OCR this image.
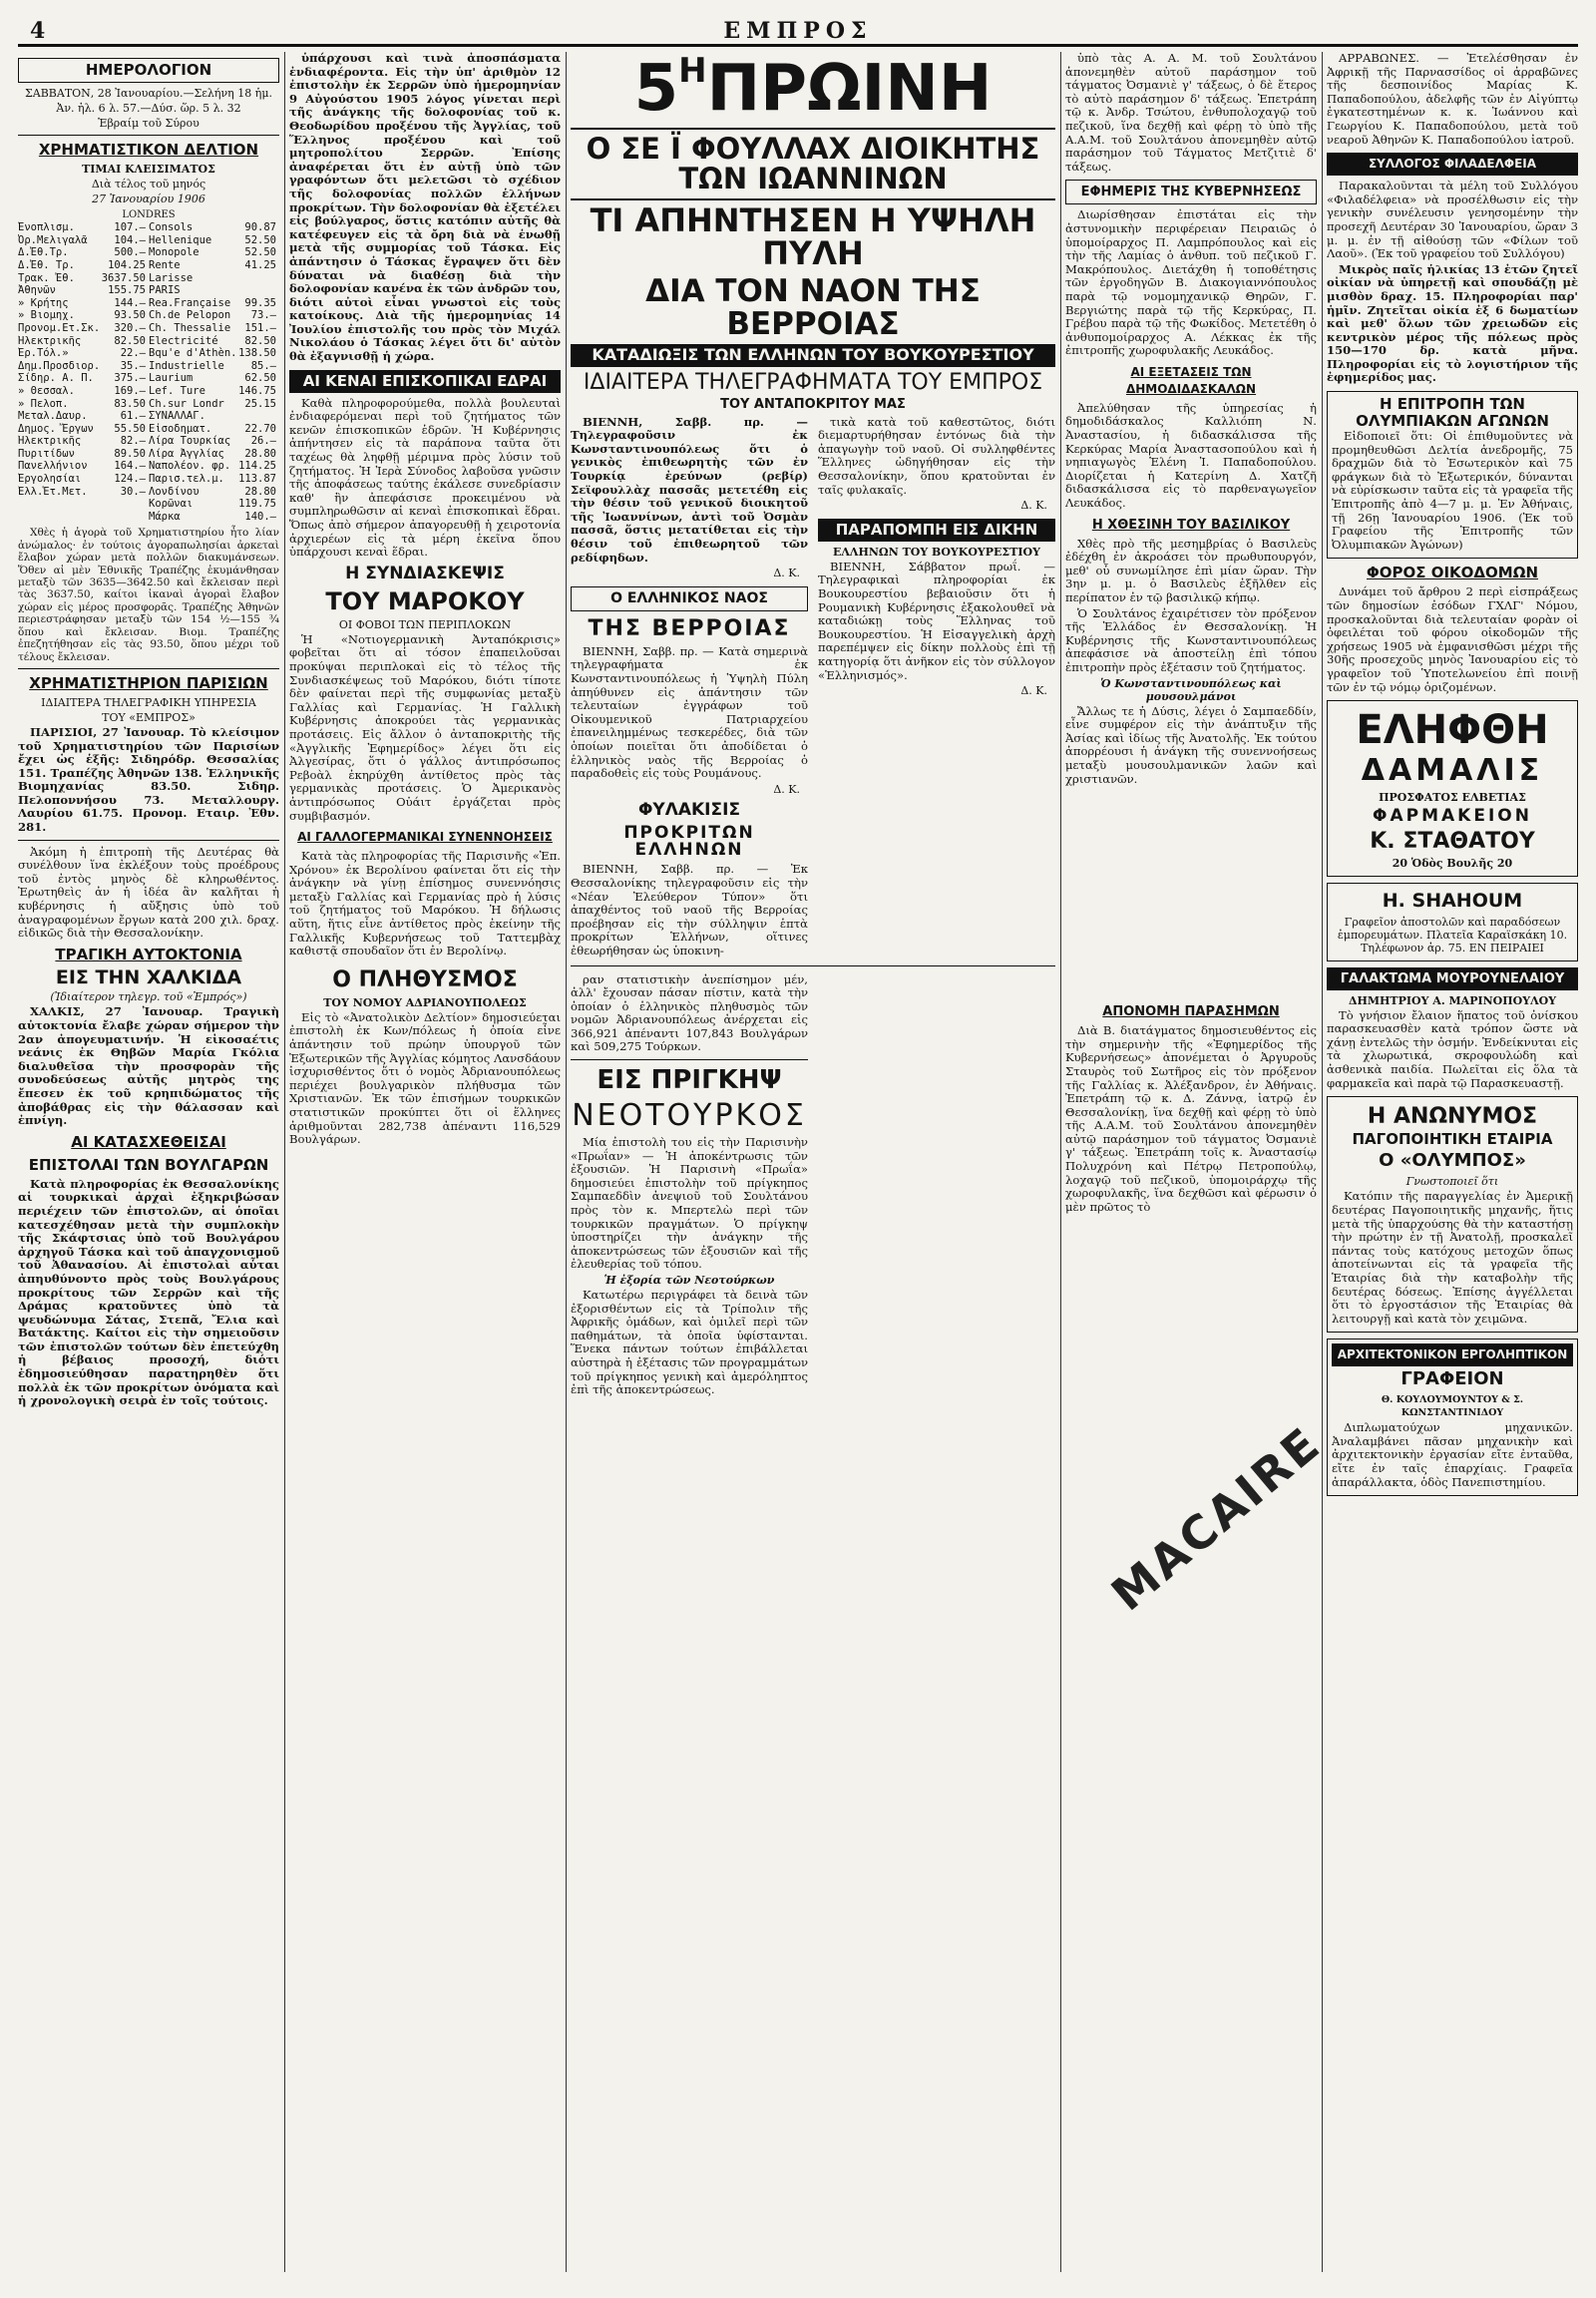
4	ΕΜΠΡΟΣ
ΗΜΕΡΟΛΟΓΙΟΝ
ΣΑΒΒΑΤΟΝ, 28 Ἰανουαρίου.—Σελήνη 18 ἡμ.
Ἀν. ἡλ. 6 λ. 57.—Δύσ. ὥρ. 5 λ. 32
Ἑβραίμ τοῦ Σύρου
ΧΡΗΜΑΤΙΣΤΙΚΟΝ ΔΕΛΤΙΟΝ
ΤΙΜΑΙ ΚΛΕΙΣΙΜΑΤΟΣ
Διὰ τέλος τοῦ μηνός
27 Ἰανουαρίου 1906
LONDRES
Ἐνοπλισμ.	107.—
Ὀρ.Μελιγαλᾶ	104.—
Δ.Ἐθ.Τρ.	500.—
Δ.Ἐθ. Τρ.	104.25
Τρακ. Ἐθ.	3637.50
Ἀθηνῶν	155.75
» Κρήτης	144.—
» Βιομηχ.	93.50
Προνομ.Ετ.Σκ. 320.—
Ἠλεκτρικῆς	82.50
Ἐρ.Τόλ.»	22.—
Δημ.Προσδιορ. 35.—
Σίδηρ. Α. Π. 375.—
» Θεσσαλ.	169.—
» Πελοπ.	83.50
Μεταλ.Δαυρ.	61.—
Δημος. Ἔργων 55.50
Ἠλεκτρικῆς	82.—
Πυριτίδων	89.50
Πανελλήνιον	164.—
Ἐργολησίαι	124.—
Ἑλλ.Ἑτ.Μετ.	30.—
Consols	90.87
Hellenique	52.50
Monopole	52.50
Rente	41.25
Larisse
PARIS
Rea.Française 99.35
Ch.de Pelopon 73.—
Ch. Thessalie 151.—
Electricité	82.50
Bqu'e d'Athèn. 138.50
Industrielle	85.—
Laurium	62.50
Lef. Ture	146.75
Ch.sur Londr 25.15
ΣΥΝΑΛΛΑΓ.
Εἰσοδηματ.	22.70
Λίρα Τουρκίας 26.—
Λίρα Ἀγγλίας 28.80
Ναπολέον. φρ. 114.25
Παρισ.τελ.μ. 113.87
Λονδίνου	28.80
Κορῶναι	119.75
Μάρκα	140.—

Χθὲς ἡ ἀγορὰ τοῦ Χρηματιστηρίου ἦτο λίαν ἀνώμαλος· ἐν τούτοις ἀγοραπωλησίαι ἀρκεταὶ ἔλαβον χώραν μετὰ πολλῶν διακυμάνσεων. Ὅθεν αἱ μὲν Ἐθνικῆς Τραπέζης ἐκυμάνθησαν μεταξὺ τῶν 3635—3642.50 καὶ ἔκλεισαν περὶ τὰς 3637.50, καίτοι ἱκαναὶ ἀγοραὶ ἔλαβον χώραν εἰς μέρος προσφορᾶς. Τραπέζης Ἀθηνῶν περιεστράφησαν μεταξὺ τῶν 154 ½—155 ¾ ὅπου καὶ ἔκλεισαν. Βιομ. Τραπέζης ἐπεζητήθησαν εἰς τὰς 93.50, ὅπου μέχρι τοῦ τέλους ἔκλεισαν.

ΧΡΗΜΑΤΙΣΤΗΡΙΟΝ ΠΑΡΙΣΙΩΝ
ΙΔΙΑΙΤΕΡΑ ΤΗΛΕΓΡΑΦΙΚΗ ΥΠΗΡΕΣΙΑ
ΤΟΥ «ΕΜΠΡΟΣ»

ΠΑΡΙΣΙΟΙ, 27 Ἰανουαρ. Τὸ κλείσιμον τοῦ Χρηματιστηρίου τῶν Παρισίων ἔχει ὡς ἑξῆς: Σιδηρόδρ. Θεσσαλίας 151. Τραπέζης Ἀθηνῶν 138. Ἑλληνικῆς Βιομηχανίας 83.50. Σιδηρ. Πελοποννήσου 73. Μεταλλουργ. Λαυρίου 61.75. Προνομ. Εταιρ. Ἐθν. 281.

Ἀκόμη ἡ ἐπιτροπὴ τῆς Δευτέρας θὰ συνέλθουν ἵνα ἐκλέξουν τοὺς προέδρους τοῦ ἐντὸς μηνὸς δὲ κληρωθέντος. Ἐρωτηθεὶς ἀν ἡ ἰδέα ἂν καλῆται ἡ κυβέρνησις ἡ αὔξησις ὑπὸ τοῦ ἀναγραφομένων ἔργων κατὰ 200 χιλ. δραχ. εἰδικῶς διὰ τὴν Θεσσαλονίκην.

ΤΡΑΓΙΚΗ ΑΥΤΟΚΤΟΝΙΑ
ΕΙΣ ΤΗΝ ΧΑΛΚΙΔΑ
(Ἰδιαίτερον τηλεγρ. τοῦ «Ἐμπρός»)

ΧΑΛΚΙΣ, 27 Ἰανουαρ. Τραγικὴ αὐτοκτονία ἔλαβε χώραν σήμερον τὴν 2αν ἀπογευματινήν. Ἡ εἰκοσαέτις νεάνις ἐκ Θηβῶν Μαρία Γκόλια διαλυθεῖσα τὴν προσφορὰν τῆς συνοδεύσεως αὐτῆς μητρὸς της ἔπεσεν ἐκ τοῦ κρηπιδώματος τῆς ἀποβάθρας εἰς τὴν θάλασσαν καὶ ἐπνίγη.

ΑΙ ΚΑΤΑΣΧΕΘΕΙΣΑΙ
ΕΠΙΣΤΟΛΑΙ ΤΩΝ ΒΟΥΛΓΑΡΩΝ

Κατὰ πληροφορίας ἐκ Θεσσαλονίκης αἱ τουρκικαὶ ἀρχαὶ ἐξηκριβώσαν περιέχειν τῶν ἐπιστολῶν, αἱ ὁποῖαι κατεσχέθησαν μετὰ τὴν συμπλοκὴν τῆς Σκάφτσιας ὑπὸ τοῦ Βουλγάρου ἀρχηγοῦ Τάσκα καὶ τοῦ ἀπαγχονισμοῦ τοῦ Ἀθανασίου. Αἱ ἐπιστολαὶ αὗται ἀπηυθύνοντο πρὸς τοὺς Βουλγάρους προκρίτους τῶν Σερρῶν καὶ τῆς Δράμας κρατοῦντες ὑπὸ τὰ ψευδώνυμα Σάτας, Στεπᾶ, Ἔλια καὶ Βατάκτης. Καίτοι εἰς τὴν σημειοῦσιν τῶν ἐπιστολῶν τούτων δὲν ἐπετεύχθη ἡ βέβαιος προσοχή, διότι ἐδημοσιεύθησαν παρατηρηθὲν ὅτι πολλὰ ἐκ τῶν προκρίτων ὀνόματα καὶ ἡ χρονολογικὴ σειρὰ ἐν τοῖς τούτοις.

ὑπάρχουσι καὶ τινὰ ἀποσπάσματα ἐνδιαφέροντα. Εἰς τὴν ὑπ' ἀριθμὸν 12 ἐπιστολὴν ἐκ Σερρῶν ὑπὸ ἡμερομηνίαν 9 Αὐγούστου 1905 λόγος γίνεται περὶ τῆς ἀνάγκης τῆς δολοφονίας τοῦ κ. Θεοδωρίδου προξένου τῆς Ἀγγλίας, τοῦ Ἕλληνος προξένου καὶ τοῦ μητροπολίτου Σερρῶν. Ἐπίσης ἀναφέρεται ὅτι ἐν αὐτῇ ὑπὸ τῶν γραφόντων ὅτι μελετῶσι τὸ σχέδιον τῆς δολοφονίας πολλῶν ἑλλήνων προκρίτων. Τὴν δολοφονίαν θὰ ἐξετέλει εἰς βούλγαρος, ὅστις κατόπιν αὐτῆς θὰ κατέφευγεν εἰς τὰ ὄρη διὰ νὰ ἑνωθῇ μετὰ τῆς συμμορίας τοῦ Τάσκα. Εἰς ἀπάντησιν ὁ Τάσκας ἔγραψεν ὅτι δὲν δύναται νὰ διαθέσῃ διὰ τὴν δολοφονίαν κανένα ἐκ τῶν ἀνδρῶν του, διότι αὐτοὶ εἶναι γνωστοὶ εἰς τοὺς κατοίκους. Διὰ τῆς ἡμερομηνίας 14 Ἰουλίου ἐπιστολῆς του πρὸς τὸν Μιχάλ Νικολάου ὁ Τάσκας λέγει ὅτι δι' αὐτὸν θὰ ἐξαγνισθῇ ἡ χώρα.

ΑΙ ΚΕΝΑΙ ΕΠΙΣΚΟΠΙΚΑΙ ΕΔΡΑΙ

Καθὰ πληροφορούμεθα, πολλὰ βουλευταὶ ἐνδιαφερόμεναι περὶ τοῦ ζητήματος τῶν κενῶν ἐπισκοπικῶν ἑδρῶν. Ἡ Κυβέρνησις ἀπήντησεν εἰς τὰ παράπονα ταῦτα ὅτι ταχέως θὰ ληφθῇ μέριμνα πρὸς λύσιν τοῦ ζητήματος. Ἡ Ἱερὰ Σύνοδος λαβοῦσα γνῶσιν τῆς ἀποφάσεως ταύτης ἐκάλεσε συνεδρίασιν καθ' ἣν ἀπεφάσισε προκειμένου νὰ συμπληρωθῶσιν αἱ κεναὶ ἐπισκοπικαὶ ἕδραι. Ὅπως ἀπὸ σήμερον ἀπαγορευθῇ ἡ χειροτονία ἀρχιερέων εἰς τὰ μέρη ἐκεῖνα ὅπου ὑπάρχουσι κεναὶ ἕδραι.

Η ΣΥΝΔΙΑΣΚΕΨΙΣ
ΤΟΥ ΜΑΡΟΚΟΥ
ΟΙ ΦΟΒΟΙ ΤΩΝ ΠΕΡΙΠΛΟΚΩΝ

Ἡ «Νοτιογερμανικὴ Ἀνταπόκρισις» φοβεῖται ὅτι αἱ τόσον ἐπαπειλοῦσαι προκύψαι περιπλοκαὶ εἰς τὸ τέλος τῆς Συνδιασκέψεως τοῦ Μαρόκου, διότι τίποτε δὲν φαίνεται περὶ τῆς συμφωνίας μεταξὺ Γαλλίας καὶ Γερμανίας. Ἡ Γαλλικὴ Κυβέρνησις ἀποκρούει τὰς γερμανικὰς προτάσεις. Εἰς ἄλλον ὁ ἀνταποκριτὴς τῆς «Ἀγγλικῆς Ἐφημερίδος» λέγει ὅτι εἰς Ἀλγεσίρας, ὅτι ὁ γάλλος ἀντιπρόσωπος Ρεβοὰλ ἐκηρύχθη ἀντίθετος πρὸς τὰς γερμανικὰς προτάσεις. Ὁ Ἀμερικανὸς ἀντιπρόσωπος Οὐάιτ ἐργάζεται πρὸς συμβιβασμόν.

ΑΙ ΓΑΛΛΟΓΕΡΜΑΝΙΚΑΙ ΣΥΝΕΝΝΟΗΣΕΙΣ

Κατὰ τὰς πληροφορίας τῆς Παρισινῆς «Ἐπ. Χρόνου» ἐκ Βερολίνου φαίνεται ὅτι εἰς τὴν ἀνάγκην νὰ γίνῃ ἐπίσημος συνεννόησις μεταξὺ Γαλλίας καὶ Γερμανίας πρὸ ἡ λύσις τοῦ ζητήματος τοῦ Μαρόκου. Ἡ δήλωσις αὕτη, ἥτις εἶνε ἀντίθετος πρὸς ἐκείνην τῆς Γαλλικῆς Κυβερνήσεως τοῦ Ταττεμβὰχ καθιστᾷ σπουδαῖον ὅτι ἐν Βερολίνῳ.

Ο ΠΛΗΘΥΣΜΟΣ
ΤΟΥ ΝΟΜΟΥ ΑΔΡΙΑΝΟΥΠΟΛΕΩΣ

Εἰς τὸ «Ἀνατολικὸν Δελτίον» δημοσιεύεται ἐπιστολὴ ἐκ Κων/πόλεως ἡ ὁποία εἶνε ἀπάντησιν τοῦ πρώην ὑπουργοῦ τῶν Ἐξωτερικῶν τῆς Ἀγγλίας κόμητος Λανσδάουν ἰσχυρισθέντος ὅτι ὁ νομὸς Ἀδριανουπόλεως περιέχει βουλγαρικὸν πλήθυσμα τῶν Χριστιανῶν. Ἐκ τῶν ἐπισήμων τουρκικῶν στατιστικῶν προκύπτει ὅτι οἱ ἕλληνες ἀριθμοῦνται 282,738 ἀπέναντι 116,529 Βουλγάρων.

$5^H\Pi P\Omega INH$
Ο ΣΕ Ϊ ΦΟΥΛΛΑΧ ΔΙΟΙΚΗΤΗΣ ΤΩΝ ΙΩΑΝΝΙΝΩΝ
ΤΙ ΑΠΗΝΤΗΣΕΝ Η ΥΨΗΛΗ ΠΥΛΗ
ΔΙΑ ΤΟΝ ΝΑΟΝ ΤΗΣ ΒΕΡΡΟΙΑΣ
ΚΑΤΑΔΙΩΞΙΣ ΤΩΝ ΕΛΛΗΝΩΝ ΤΟΥ ΒΟΥΚΟΥΡΕΣΤΙΟΥ
ΙΔΙΑΙΤΕΡΑ ΤΗΛΕΓΡΑΦΗΜΑΤΑ ΤΟΥ ΕΜΠΡΟΣ
ΤΟΥ ΑΝΤΑΠΟΚΡΙΤΟΥ ΜΑΣ

ΒΙΕΝΝΗ, Σαββ. πρ. — Τηλεγραφοῦσιν ἐκ Κωνσταντινουπόλεως ὅτι ὁ γενικὸς ἐπιθεωρητὴς τῶν ἐν Τουρκίᾳ ἐρεύνων (ρεβίρ) Σεϊφουλλὰχ πασσᾶς μετετέθη εἰς τὴν θέσιν τοῦ γενικοῦ διοικητοῦ τῆς Ἰωαννίνων, ἀντὶ τοῦ Ὀσμὰν πασσᾶ, ὅστις μετατίθεται εἰς τὴν θέσιν τοῦ ἐπιθεωρητοῦ τῶν ρεδίφηδων.

Δ. Κ.
Ο ΕΛΛΗΝΙΚΟΣ ΝΑΟΣ
ΤΗΣ ΒΕΡΡΟΙΑΣ

ΒΙΕΝΝΗ, Σαββ. πρ. — Κατὰ σημερινὰ τηλεγραφήματα ἐκ Κωνσταντινουπόλεως ἡ Ὑψηλὴ Πύλη ἀπηύθυνεν εἰς ἀπάντησιν τῶν τελευταίων ἐγγράφων τοῦ Οἰκουμενικοῦ Πατριαρχείου ἐπανειλημμένως τεσκερέδες, διὰ τῶν ὁποίων ποιεῖται ὅτι ἀποδίδεται ὁ ἑλληνικὸς ναὸς τῆς Βερροίας ὁ παραδοθεὶς εἰς τοὺς Ρουμάνους.

Δ. Κ.
ΦΥΛΑΚΙΣΙΣ
ΠΡΟΚΡΙΤΩΝ ΕΛΛΗΝΩΝ

ΒΙΕΝΝΗ, Σαββ. πρ. — Ἐκ Θεσσαλονίκης τηλεγραφοῦσιν εἰς τὴν «Νέαν Ἐλεύθερον Τύπον» ὅτι ἀπαχθέντος τοῦ ναοῦ τῆς Βερροίας προέβησαν εἰς τὴν σύλληψιν ἑπτὰ προκρίτων Ἑλλήνων, οἵτινες ἐθεωρήθησαν ὡς ὑποκινη-

τικὰ κατὰ τοῦ καθεστῶτος, διότι διεμαρτυρήθησαν ἐντόνως διὰ τὴν ἀπαγωγὴν τοῦ ναοῦ. Οἱ συλληφθέντες Ἕλληνες ὡδηγήθησαν εἰς τὴν Θεσσαλονίκην, ὅπου κρατοῦνται ἐν ταῖς φυλακαῖς.

Δ. Κ.
ΠΑΡΑΠΟΜΠΗ ΕΙΣ ΔΙΚΗΝ
ΕΛΛΗΝΩΝ ΤΟΥ ΒΟΥΚΟΥΡΕΣΤΙΟΥ

ΒΙΕΝΝΗ, Σάββατον πρωΐ. — Τηλεγραφικαὶ πληροφορίαι ἐκ Βουκουρεστίου βεβαιοῦσιν ὅτι ἡ Ρουμανικὴ Κυβέρνησις ἐξακολουθεῖ νὰ καταδιώκῃ τοὺς Ἕλληνας τοῦ Βουκουρεστίου. Ἡ Εἰσαγγελικὴ ἀρχὴ παρεπέμψεν εἰς δίκην πολλοὺς ἐπὶ τῇ κατηγορίᾳ ὅτι ἀνῆκον εἰς τὸν σύλλογον «Ἑλληνισμός».

Δ. Κ.

ραν στατιστικὴν ἀνεπίσημον μέν, ἀλλ' ἔχουσαν πάσαν πίστιν, κατὰ τὴν ὁποίαν ὁ ἑλληνικὸς πληθυσμὸς τῶν νομῶν Ἀδριανουπόλεως ἀνέρχεται εἰς 366,921 ἀπέναντι 107,843 Βουλγάρων καὶ 509,275 Τούρκων.

ΕΙΣ ΠΡΙΓΚΗΨ
ΝΕΟΤΟΥΡΚΟΣ

Μία ἐπιστολὴ του εἰς τὴν Παρισινὴν «Πρωΐαν» — Ἡ ἀποκέντρωσις τῶν ἐξουσιῶν. Ἡ Παρισινὴ «Πρωΐα» δημοσιεύει ἐπιστολὴν τοῦ πρίγκηπος Σαμπαεδδὶν ἀνεψιοῦ τοῦ Σουλτάνου πρὸς τὸν κ. Μπερτελὼ περὶ τῶν τουρκικῶν πραγμάτων. Ὁ πρίγκηψ ὑποστηρίζει τὴν ἀνάγκην τῆς ἀποκεντρώσεως τῶν ἐξουσιῶν καὶ τῆς ἐλευθερίας τοῦ τόπου.

Ἡ ἐξορία τῶν Νεοτούρκων

Κατωτέρω περιγράφει τὰ δεινὰ τῶν ἐξορισθέντων εἰς τὰ Τρίπολιν τῆς Ἀφρικῆς ὁμάδων, καὶ ὁμιλεῖ περὶ τῶν παθημάτων, τὰ ὁποῖα ὑφίστανται. Ἕνεκα πάντων τούτων ἐπιβάλλεται αὐστηρὰ ἡ ἐξέτασις τῶν προγραμμάτων τοῦ πρίγκηπος γενικὴ καὶ ἀμερόληπτος ἐπὶ τῆς ἀποκεντρώσεως.

ὑπὸ τὰς Α. Α. Μ. τοῦ Σουλτάνου ἀπονεμηθὲν αὐτοῦ παράσημον τοῦ τάγματος Ὀσμανιὲ γ' τάξεως, ὁ δὲ ἕτερος τὸ αὐτὸ παράσημον δ' τάξεως. Ἐπετράπη τῷ κ. Ἀνδρ. Τσώτου, ἐνθυπολοχαγῷ τοῦ πεζικοῦ, ἵνα δεχθῇ καὶ φέρῃ τὸ ὑπὸ τῆς Α.Α.Μ. τοῦ Σουλτάνου ἀπονεμηθὲν αὐτῷ παράσημον τοῦ Τάγματος Μετζιτιὲ δ' τάξεως.

ΕΦΗΜΕΡΙΣ ΤΗΣ ΚΥΒΕΡΝΗΣΕΩΣ

Διωρίσθησαν ἐπιστάται εἰς τὴν ἀστυνομικὴν περιφέρειαν Πειραιῶς ὁ ὑπομοίραρχος Π. Λαμπρόπουλος καὶ εἰς τὴν τῆς Λαμίας ὁ ἀνθυπ. τοῦ πεζικοῦ Γ. Μακρόπουλος. Διετάχθη ἡ τοποθέτησις τῶν ἐργοδηγῶν Β. Διακογιαννόπουλος παρὰ τῷ νομομηχανικῷ Θηρῶν, Γ. Βεργιώτης παρὰ τῷ τῆς Κερκύρας, Π. Γρέβου παρὰ τῷ τῆς Φωκίδος. Μετετέθη ὁ ἀνθυπομοίραρχος Α. Λέκκας ἐκ τῆς ἐπιτροπῆς χωροφυλακῆς Λευκάδος.

ΑΙ ΕΞΕΤΑΣΕΙΣ ΤΩΝ ΔΗΜΟΔΙΔΑΣΚΑΛΩΝ

Ἀπελύθησαν τῆς ὑπηρεσίας ἡ δημοδιδάσκαλος Καλλιόπη Ν. Ἀναστασίου, ἡ διδασκάλισσα τῆς Κερκύρας Μαρία Ἀναστασοπούλου καὶ ἡ νηπιαγωγὸς Ἑλένη Ἰ. Παπαδοπούλου. Διορίζεται ἡ Κατερίνη Δ. Χατζῆ διδασκάλισσα εἰς τὸ παρθεναγωγεῖον Λευκάδος.

Η ΧΘΕΣΙΝΗ ΤΟΥ ΒΑΣΙΛΙΚΟΥ

Χθὲς πρὸ τῆς μεσημβρίας ὁ Βασιλεὺς ἐδέχθη ἐν ἀκροάσει τὸν πρωθυπουργόν, μεθ' οὗ συνωμίλησε ἐπὶ μίαν ὥραν. Τὴν 3ην μ. μ. ὁ Βασιλεὺς ἐξῆλθεν εἰς περίπατον ἐν τῷ βασιλικῷ κήπῳ.

Ὁ Σουλτάνος ἐχαιρέτισεν τὸν πρόξενον τῆς Ἑλλάδος ἐν Θεσσαλονίκῃ. Ἡ Κυβέρνησις τῆς Κωνσταντινουπόλεως ἀπεφάσισε νὰ ἀποστείλῃ ἐπὶ τόπου ἐπιτροπὴν πρὸς ἐξέτασιν τοῦ ζητήματος.

Ὁ Κωνσταντινουπόλεως καὶ μουσουλμάνοι

Ἄλλως τε ἡ Δύσις, λέγει ὁ Σαμπαεδδίν, εἶνε συμφέρον εἰς τὴν ἀνάπτυξιν τῆς Ἀσίας καὶ ἰδίως τῆς Ἀνατολῆς. Ἐκ τούτου ἀπορρέουσι ἡ ἀνάγκη τῆς συνεννοήσεως μεταξὺ μουσουλμανικῶν λαῶν καὶ χριστιανῶν.

ΑΠΟΝΟΜΗ ΠΑΡΑΣΗΜΩΝ

Διὰ Β. διατάγματος δημοσιευθέντος εἰς τὴν σημερινὴν τῆς «Ἐφημερίδος τῆς Κυβερνήσεως» ἀπονέμεται ὁ Ἀργυροῦς Σταυρὸς τοῦ Σωτῆρος εἰς τὸν πρόξενον τῆς Γαλλίας κ. Ἀλέξανδρον, ἐν Ἀθήναις. Ἐπετράπη τῷ κ. Δ. Ζάννᾳ, ἰατρῷ ἐν Θεσσαλονίκῃ, ἵνα δεχθῇ καὶ φέρῃ τὸ ὑπὸ τῆς Α.Α.Μ. τοῦ Σουλτάνου ἀπονεμηθὲν αὐτῷ παράσημον τοῦ τάγματος Ὀσμανιὲ γ' τάξεως. Ἐπετράπη τοῖς κ. Ἀναστασίῳ Πολυχρόνη καὶ Πέτρῳ Πετροπούλῳ, λοχαγῷ τοῦ πεζικοῦ, ὑπομοιράρχῳ τῆς χωροφυλακῆς, ἵνα δεχθῶσι καὶ φέρωσιν ὁ μὲν πρῶτος τὸ

ΑΡΡΑΒΩΝΕΣ. — Ἐτελέσθησαν ἐν Ἀφρικῇ τῆς Παρνασσίδος οἱ ἀρραβῶνες τῆς δεσποινίδος Μαρίας Κ. Παπαδοπούλου, ἀδελφῆς τῶν ἐν Αἰγύπτῳ ἐγκατεστημένων κ. κ. Ἰωάννου καὶ Γεωργίου Κ. Παπαδοπούλου, μετὰ τοῦ νεαροῦ Ἀθηνῶν Κ. Παπαδοπούλου ἰατροῦ.

ΣΥΛΛΟΓΟΣ ΦΙΛΑΔΕΛΦΕΙΑ

Παρακαλοῦνται τὰ μέλη τοῦ Συλλόγου «Φιλαδέλφεια» νὰ προσέλθωσιν εἰς τὴν γενικὴν συνέλευσιν γενησομένην τὴν προσεχῆ Δευτέραν 30 Ἰανουαρίου, ὥραν 3 μ. μ. ἐν τῇ αἰθούσῃ τῶν «Φίλων τοῦ Λαοῦ». (Ἐκ τοῦ γραφείου τοῦ Συλλόγου)

Μικρὸς παῖς ἡλικίας 13 ἐτῶν ζητεῖ οἰκίαν νὰ ὑπηρετῇ καὶ σπουδάζῃ μὲ μισθὸν δραχ. 15. Πληροφορίαι παρ' ἡμῖν. Ζητεῖται οἰκία ἐξ 6 δωματίων καὶ μεθ' ὅλων τῶν χρειωδῶν εἰς κεντρικὸν μέρος τῆς πόλεως πρὸς 150—170 δρ. κατὰ μῆνα. Πληροφορίαι εἰς τὸ λογιστήριον τῆς ἐφημερίδος μας.

Η ΕΠΙΤΡΟΠΗ ΤΩΝ ΟΛΥΜΠΙΑΚΩΝ ΑΓΩΝΩΝ

Εἰδοποιεῖ ὅτι: Οἱ ἐπιθυμοῦντες νὰ προμηθευθῶσι Δελτία ἀνεδρομῆς, 75 δραχμῶν διὰ τὸ Ἐσωτερικὸν καὶ 75 φράγκων διὰ τὸ Ἐξωτερικόν, δύνανται νὰ εὑρίσκωσιν ταῦτα εἰς τὰ γραφεῖα τῆς Ἐπιτροπῆς ἀπὸ 4—7 μ. μ. Ἐν Ἀθήναις, τῇ 26ῃ Ἰανουαρίου 1906. (Ἐκ τοῦ Γραφείου τῆς Ἐπιτροπῆς τῶν Ὀλυμπιακῶν Ἀγώνων)

ΦΟΡΟΣ ΟΙΚΟΔΟΜΩΝ

Δυνάμει τοῦ ἄρθρου 2 περὶ εἰσπράξεως τῶν δημοσίων ἐσόδων ΓΧΛΓ' Νόμου, προσκαλοῦνται διὰ τελευταίαν φορὰν οἱ ὀφειλέται τοῦ φόρου οἰκοδομῶν τῆς χρήσεως 1905 νὰ ἐμφανισθῶσι μέχρι τῆς 30ῆς προσεχοῦς μηνὸς Ἰανουαρίου εἰς τὸ γραφεῖον τοῦ Ὑποτελωνείου ἐπὶ ποινῇ τῶν ἐν τῷ νόμῳ ὁριζομένων.

ΕΛΗΦΘΗ
ΔΑΜΑΛΙΣ
ΠΡΟΣΦΑΤΟΣ ΕΛΒΕΤΙΑΣ
ΦΑΡΜΑΚΕΙΟΝ
Κ. ΣΤΑΘΑΤΟΥ
20 Ὁδὸς Βουλῆς 20
Η. SHAHOUM
Γραφεῖον ἀποστολῶν καὶ παραδόσεων ἐμπορευμάτων. Πλατεῖα Καραϊσκάκη 10. Τηλέφωνον ἀρ. 75. ΕΝ ΠΕΙΡΑΙΕΙ
ΓΑΛΑΚΤΩΜΑ ΜΟΥΡΟΥΝΕΛΑΙΟΥ
ΔΗΜΗΤΡΙΟΥ Α. ΜΑΡΙΝΟΠΟΥΛΟΥ

Τὸ γνήσιον ἔλαιον ἥπατος τοῦ ὀνίσκου παρασκευασθὲν κατὰ τρόπον ὥστε νὰ χάνῃ ἐντελῶς τὴν ὀσμήν. Ἐνδείκνυται εἰς τὰ χλωρωτικά, σκροφουλώδη καὶ ἀσθενικὰ παιδία. Πωλεῖται εἰς ὅλα τὰ φαρμακεῖα καὶ παρὰ τῷ Παρασκευαστῇ.

Η ΑΝΩΝΥΜΟΣ
ΠΑΓΟΠΟΙΗΤΙΚΗ ΕΤΑΙΡΙΑ
Ο «ΟΛΥΜΠΟΣ»
Γνωστοποιεῖ ὅτι

Κατόπιν τῆς παραγγελίας ἐν Ἀμερικῇ δευτέρας Παγοποιητικῆς μηχανῆς, ἥτις μετὰ τῆς ὑπαρχούσης θὰ τὴν καταστήσῃ τὴν πρώτην ἐν τῇ Ἀνατολῇ, προσκαλεῖ πάντας τοὺς κατόχους μετοχῶν ὅπως ἀποτείνωνται εἰς τὰ γραφεῖα τῆς Ἑταιρίας διὰ τὴν καταβολὴν τῆς δευτέρας δόσεως. Ἐπίσης ἀγγέλλεται ὅτι τὸ ἐργοστάσιον τῆς Ἑταιρίας θὰ λειτουργῇ καὶ κατὰ τὸν χειμῶνα.

ΑΡΧΙΤΕΚΤΟΝΙΚΟΝ ΕΡΓΟΛΗΠΤΙΚΟΝ
ΓΡΑΦΕΙΟΝ
Θ. ΚΟΥΛΟΥΜΟΥΝΤΟΥ & Σ. ΚΩΝΣΤΑΝΤΙΝΙΔΟΥ

Διπλωματούχων μηχανικῶν. Ἀναλαμβάνει πᾶσαν μηχανικὴν καὶ ἀρχιτεκτονικὴν ἐργασίαν εἴτε ἐνταῦθα, εἴτε ἐν ταῖς ἐπαρχίαις. Γραφεῖα ἀπαράλλακτα, ὁδὸς Πανεπιστημίου.

MACAIRE
